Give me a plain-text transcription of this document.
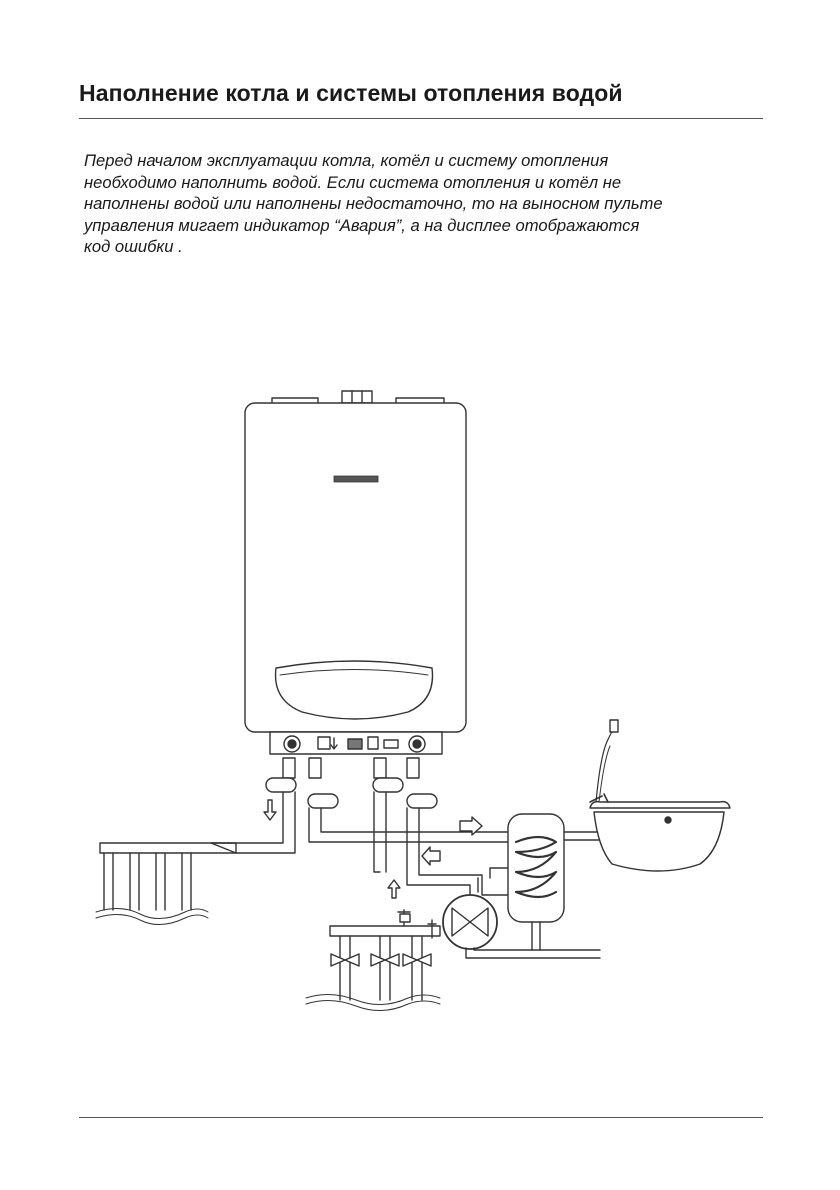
Наполнение котла и системы отопления водой

Перед началом эксплуатации котла, котёл и систему отопления
необходимо наполнить водой. Если система отопления и котёл не
наполнены водой или наполнены недостаточно, то на выносном пульте
управления мигает индикатор “Авария”, а на дисплее отображаются
код ошибки .
